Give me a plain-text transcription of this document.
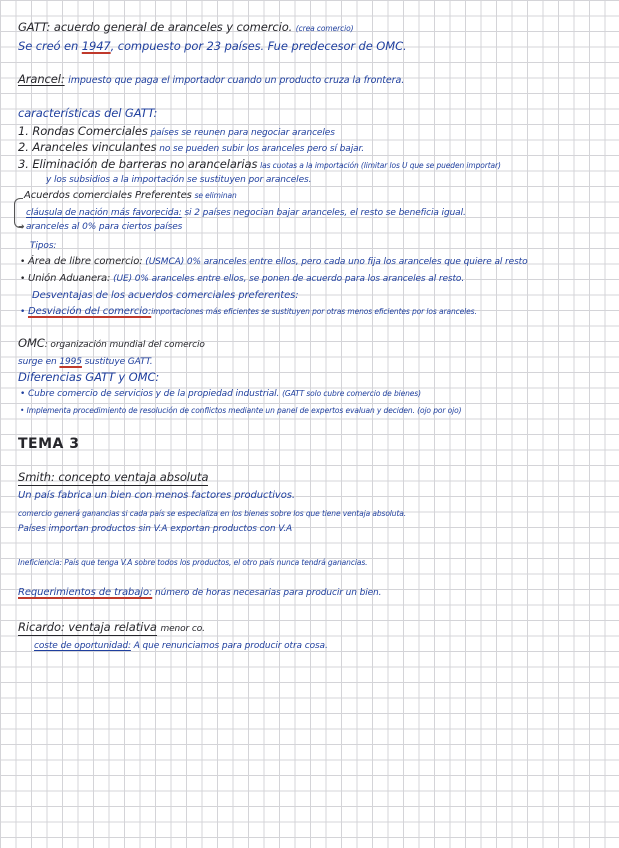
GATT: acuerdo general de aranceles y comercio. (crea comercio)
Se creó en 1947, compuesto por 23 países. Fue predecesor de OMC.
Arancel: impuesto que paga el importador cuando un producto cruza la frontera.
características del GATT:
1. Rondas Comerciales países se reunen para negociar aranceles
2. Aranceles vinculantes no se pueden subir los aranceles pero sí bajar.
3. Eliminación de barreras no arancelarias las cuotas a la importación (limitar los U que se pueden importar)
y los subsidios a la importación se sustituyen por aranceles.
Acuerdos comerciales Preferentes se eliminan
➜
cláusula de nación más favorecida: si 2 países negocian bajar aranceles, el resto se beneficia igual.
aranceles al 0% para ciertos países
Tipos:
• Área de libre comercio: (USMCA) 0% aranceles entre ellos, pero cada uno fija los aranceles que quiere al resto
• Unión Aduanera: (UE) 0% aranceles entre ellos, se ponen de acuerdo para los aranceles al resto.
Desventajas de los acuerdos comerciales preferentes:
• Desviación del comercio:importaciones más eficientes se sustituyen por otras menos eficientes por los aranceles.
OMC: organización mundial del comercio
surge en 1995 sustituye GATT.
Diferencias GATT y OMC:
• Cubre comercio de servicios y de la propiedad industrial. (GATT solo cubre comercio de bienes)
• Implementa procedimiento de resolución de conflictos mediante un panel de expertos evaluan y deciden. (ojo por ojo)
TEMA 3
Smith: concepto ventaja absoluta
Un país fabrica un bien con menos factores productivos.
comercio generá ganancias si cada país se especializa en los bienes sobre los que tiene ventaja absoluta.
Países importan productos sin V.A exportan productos con V.A
Ineficiencia: País que tenga V.A sobre todos los productos, el otro país nunca tendrá ganancias.
Requerimientos de trabajo: número de horas necesarias para producir un bien.
Ricardo: ventaja relativa menor co.
coste de oportunidad: A que renunciamos para producir otra cosa.
